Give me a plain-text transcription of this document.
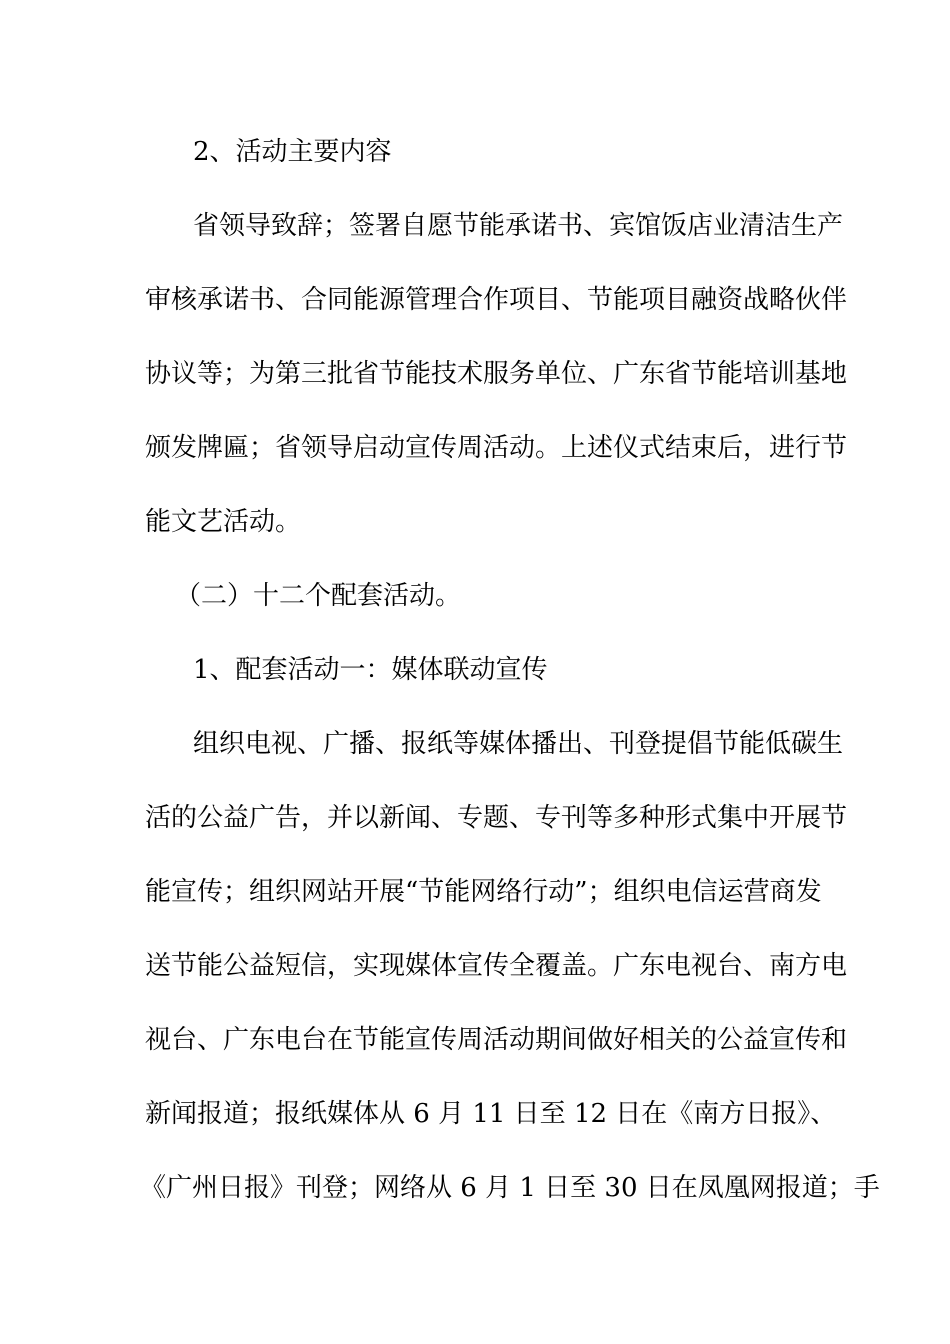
2、活动主要内容
省领导致辞；签署自愿节能承诺书、宾馆饭店业清洁生产
审核承诺书、合同能源管理合作项目、节能项目融资战略伙伴
协议等；为第三批省节能技术服务单位、广东省节能培训基地
颁发牌匾；省领导启动宣传周活动。上述仪式结束后，进行节
能文艺活动。
（二）十二个配套活动。
1、配套活动一：媒体联动宣传
组织电视、广播、报纸等媒体播出、刊登提倡节能低碳生
活的公益广告，并以新闻、专题、专刊等多种形式集中开展节
能宣传；组织网站开展“节能网络行动”；组织电信运营商发
送节能公益短信，实现媒体宣传全覆盖。广东电视台、南方电
视台、广东电台在节能宣传周活动期间做好相关的公益宣传和
新闻报道；报纸媒体从 6 月 11 日至 12 日在《南方日报》、
《广州日报》刊登；网络从 6 月 1 日至 30 日在凤凰网报道；手
